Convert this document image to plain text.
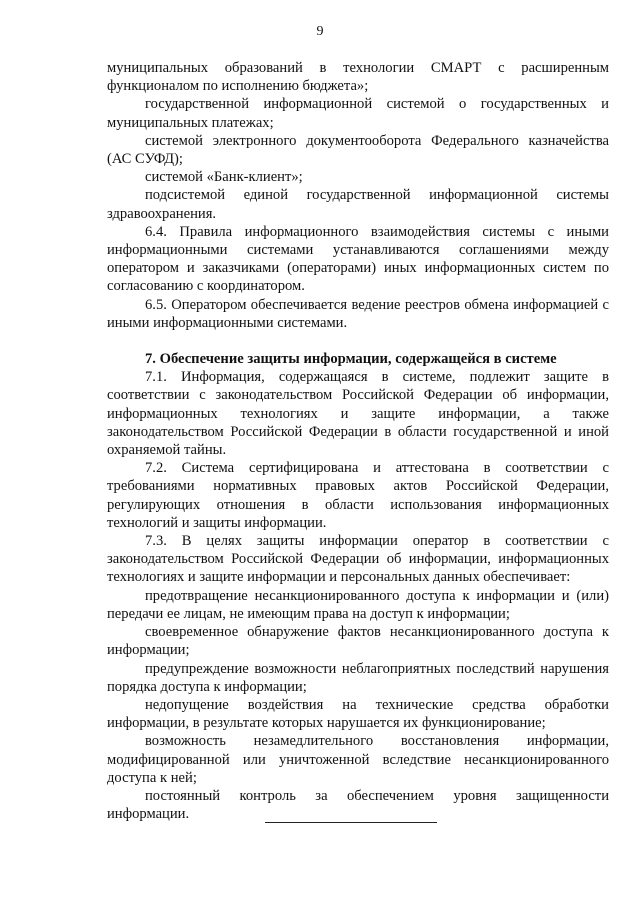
9

муниципальных образований в технологии СМАРТ с расширенным функционалом по исполнению бюджета»;

государственной информационной системой о государственных и муниципальных платежах;

системой электронного документооборота Федерального казначейства (АС СУФД);

системой «Банк-клиент»;

подсистемой единой государственной информационной системы здравоохранения.

6.4. Правила информационного взаимодействия системы с иными информационными системами устанавливаются соглашениями между оператором и заказчиками (операторами) иных информационных систем по согласованию с координатором.

6.5. Оператором обеспечивается ведение реестров обмена информацией с иными информационными системами.

7. Обеспечение защиты информации, содержащейся в системе

7.1. Информация, содержащаяся в системе, подлежит защите в соответствии с законодательством Российской Федерации об информации, информационных технологиях и защите информации, а также законодательством Российской Федерации в области государственной и иной охраняемой тайны.

7.2. Система сертифицирована и аттестована в соответствии с требованиями нормативных правовых актов Российской Федерации, регулирующих отношения в области использования информационных технологий и защиты информации.

7.3. В целях защиты информации оператор в соответствии с законодательством Российской Федерации об информации, информационных технологиях и защите информации и персональных данных обеспечивает:

предотвращение несанкционированного доступа к информации и (или) передачи ее лицам, не имеющим права на доступ к информации;

своевременное обнаружение фактов несанкционированного доступа к информации;

предупреждение возможности неблагоприятных последствий нарушения порядка доступа к информации;

недопущение воздействия на технические средства обработки информации, в результате которых нарушается их функционирование;

возможность незамедлительного восстановления информации, модифицированной или уничтоженной вследствие несанкционированного доступа к ней;

постоянный контроль за обеспечением уровня защищенности информации.
